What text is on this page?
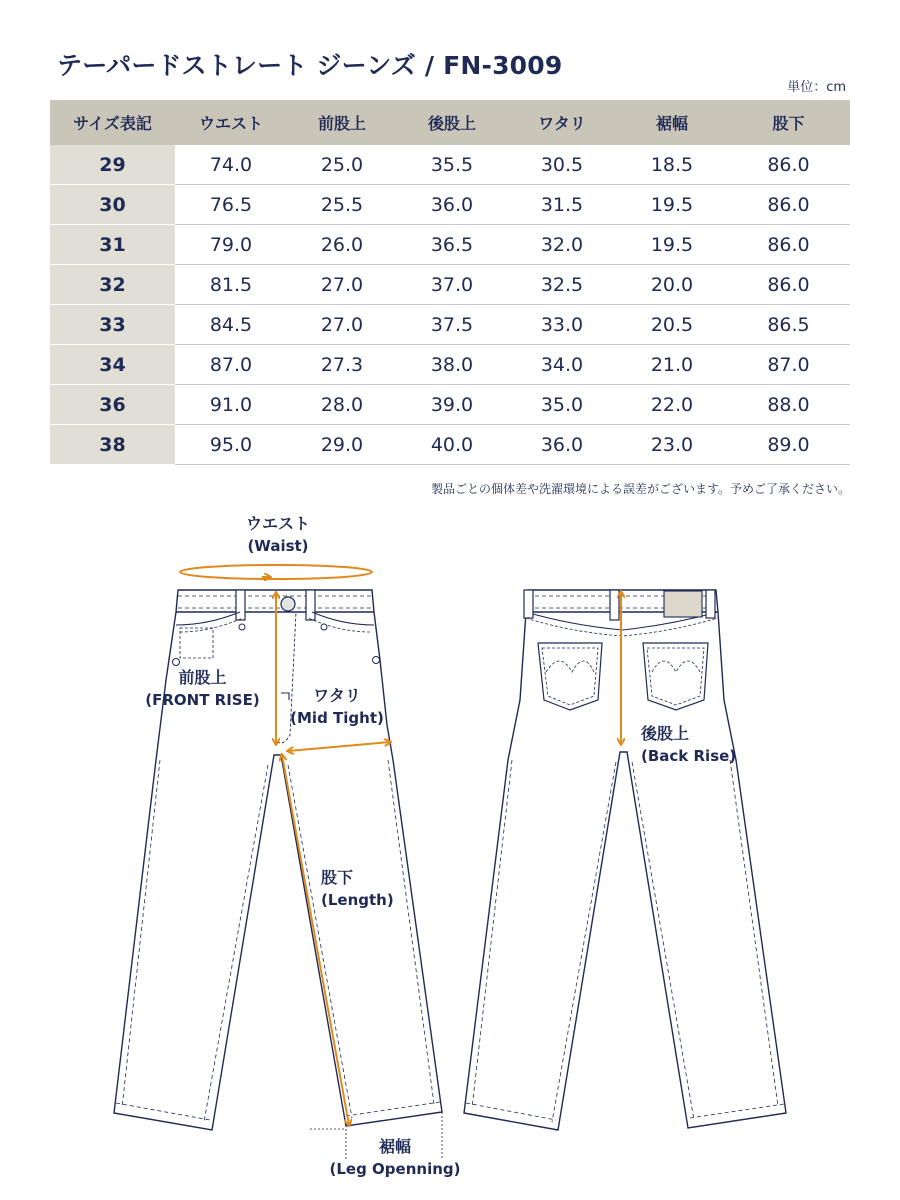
テーパードストレート ジーンズ / FN-3009
単位：cm
サイズ表記	ウエスト	前股上	後股上	ワタリ	裾幅	股下
29	74.0	25.0	35.5	30.5	18.5	86.0
30	76.5	25.5	36.0	31.5	19.5	86.0
31	79.0	26.0	36.5	32.0	19.5	86.0
32	81.5	27.0	37.0	32.5	20.0	86.0
33	84.5	27.0	37.5	33.0	20.5	86.5
34	87.0	27.3	38.0	34.0	21.0	87.0
36	91.0	28.0	39.0	35.0	22.0	88.0
38	95.0	29.0	40.0	36.0	23.0	89.0
製品ごとの個体差や洗濯環境による誤差がございます。予めご了承ください。
ウエスト
(Waist)
前股上
(FRONT RISE)	ワタリ
(Mid Tight)
股下
(Length)
裾幅
(Leg Openning)
後股上
(Back Rise)
